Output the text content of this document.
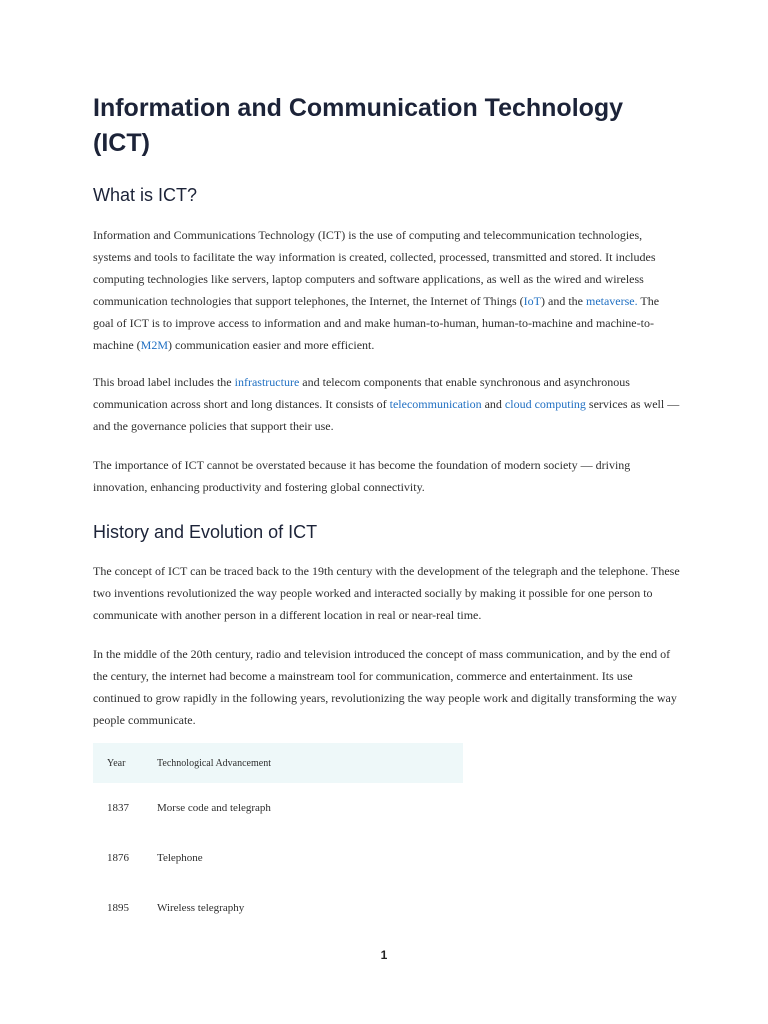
Information and Communication Technology (ICT)
What is ICT?

Information and Communications Technology (ICT) is the use of computing and telecommunication technologies, systems and tools to facilitate the way information is created, collected, processed, transmitted and stored. It includes computing technologies like servers, laptop computers and software applications, as well as the wired and wireless communication technologies that support telephones, the Internet, the Internet of Things (IoT) and the metaverse. The goal of ICT is to improve access to information and and make human-to-human, human-to-machine and machine-to-machine (M2M) communication easier and more efficient.

This broad label includes the infrastructure and telecom components that enable synchronous and asynchronous communication across short and long distances. It consists of telecommunication and cloud computing services as well — and the governance policies that support their use.

The importance of ICT cannot be overstated because it has become the foundation of modern society — driving innovation, enhancing productivity and fostering global connectivity.

History and Evolution of ICT

The concept of ICT can be traced back to the 19th century with the development of the telegraph and the telephone. These two inventions revolutionized the way people worked and interacted socially by making it possible for one person to communicate with another person in a different location in real or near-real time.

In the middle of the 20th century, radio and television introduced the concept of mass communication, and by the end of the century, the internet had become a mainstream tool for communication, commerce and entertainment. Its use continued to grow rapidly in the following years, revolutionizing the way people work and digitally transforming the way people communicate.

Year	Technological Advancement
1837	Morse code and telegraph
1876	Telephone
1895	Wireless telegraphy
1
